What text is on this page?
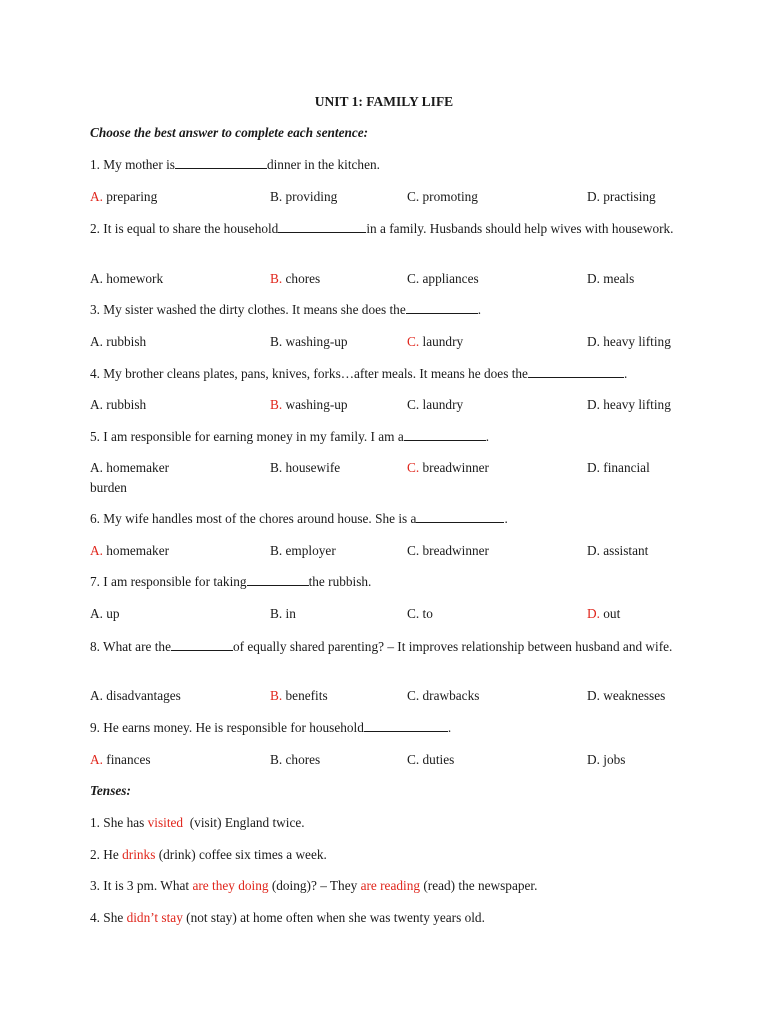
UNIT 1: FAMILY LIFE
Choose the best answer to complete each sentence:
1. My mother is	dinner in the kitchen.
A. preparing	B. providing	C. promoting	D. practising
2. It is equal to share the household	in a family. Husbands should help wives with housework.
A. homework	B. chores	C. appliances	D. meals
3. My sister washed the dirty clothes. It means she does the	.
A. rubbish	B. washing-up	C. laundry	D. heavy lifting
4. My brother cleans plates, pans, knives, forks…after meals. It means he does the	.
A. rubbish	B. washing-up	C. laundry	D. heavy lifting
5. I am responsible for earning money in my family. I am a	.
A. homemaker	B. housewife	C. breadwinner	D. financial
burden
6. My wife handles most of the chores around house. She is a	.
A. homemaker	B. employer	C. breadwinner	D. assistant
7. I am responsible for taking	the rubbish.
A. up	B. in	C. to	D. out
8. What are the	of equally shared parenting? – It improves relationship between husband and wife.
A. disadvantages	B. benefits	C. drawbacks	D. weaknesses
9. He earns money. He is responsible for household	.
A. finances	B. chores	C. duties	D. jobs
Tenses:
1. She has visited  (visit) England twice.
2. He drinks (drink) coffee six times a week.
3. It is 3 pm. What are they doing (doing)? – They are reading (read) the newspaper.
4. She didn’t stay (not stay) at home often when she was twenty years old.
